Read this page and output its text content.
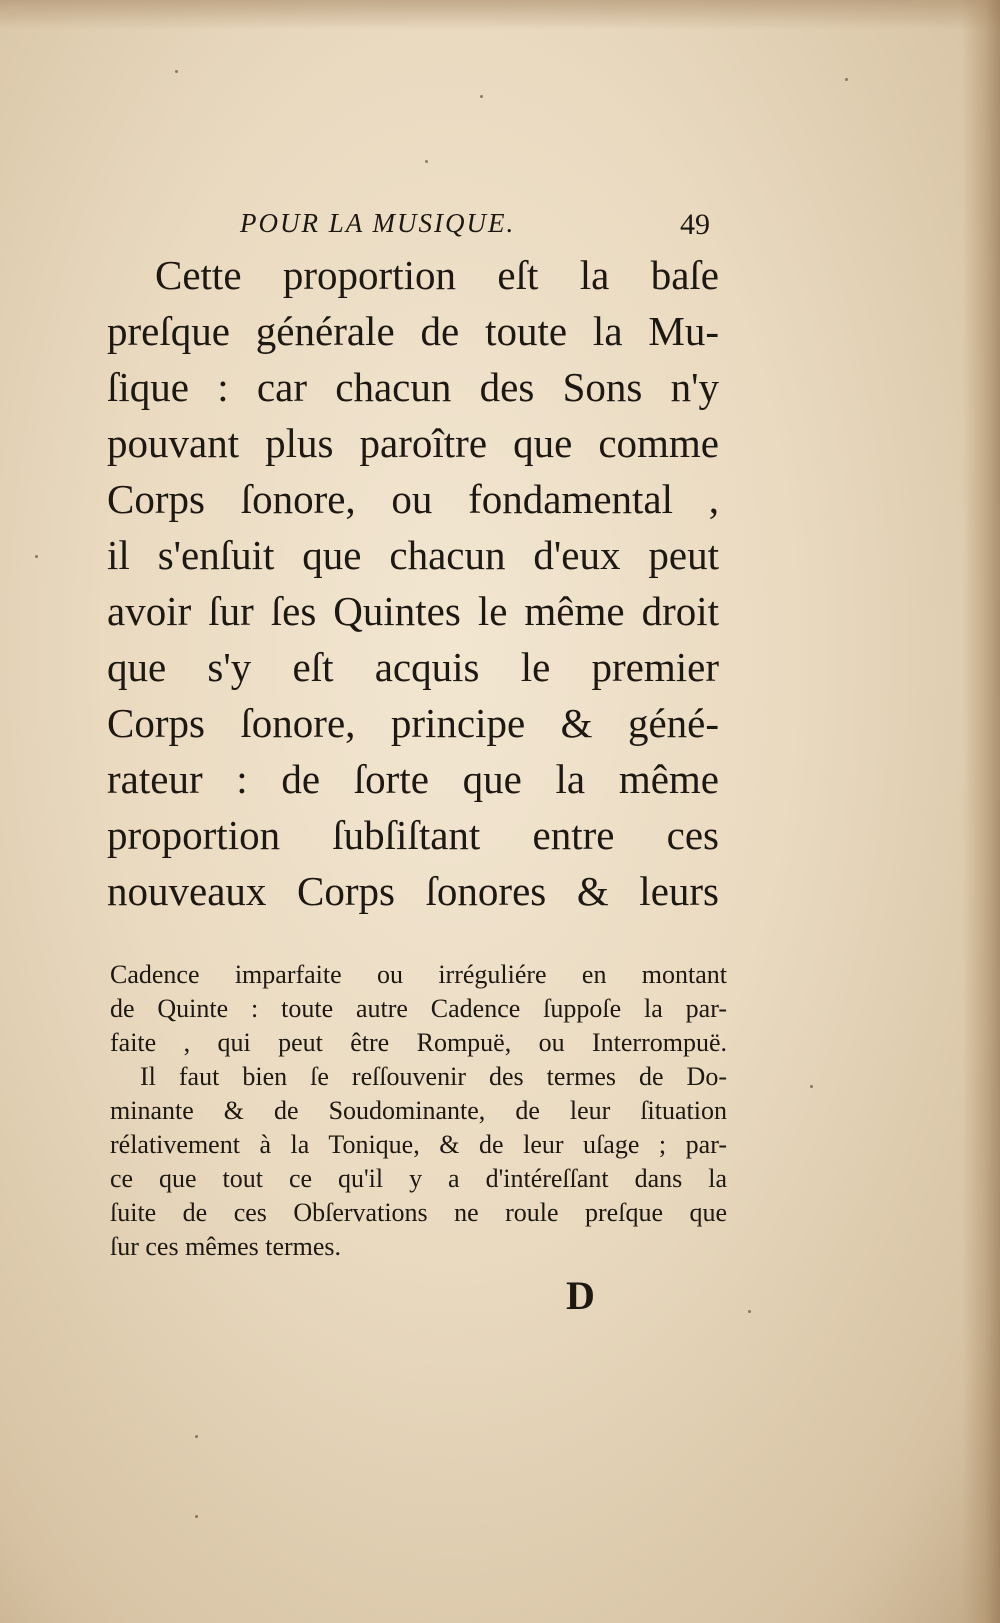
POUR LA MUSIQUE.	49
Cette proportion eſt la baſe
preſque générale de toute la Mu-
ſique : car chacun des Sons n'y
pouvant plus paroître que comme
Corps ſonore, ou fondamental ,
il s'enſuit que chacun d'eux peut
avoir ſur ſes Quintes le même droit
que s'y eſt acquis le premier
Corps ſonore, principe & géné-
rateur : de ſorte que la même
proportion ſubſiſtant entre ces
nouveaux Corps ſonores & leurs
Cadence imparfaite ou irréguliére en montant
de Quinte : toute autre Cadence ſuppoſe la par-
faite , qui peut être Rompuë, ou Interrompuë.
Il faut bien ſe reſſouvenir des termes de Do-
minante & de Soudominante, de leur ſituation
rélativement à la Tonique, & de leur uſage ; par-
ce que tout ce qu'il y a d'intéreſſant dans la
ſuite de ces Obſervations ne roule preſque que
ſur ces mêmes termes.
D
